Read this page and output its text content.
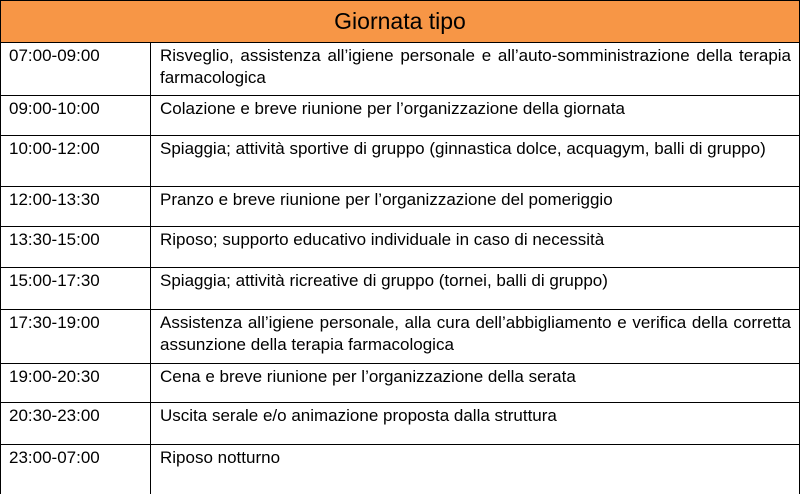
Giornata tipo	
07:00-09:00	Risveglio, assistenza all’igiene personale e all’auto-somministrazione della terapia farmacologica
09:00-10:00	Colazione e breve riunione per l’organizzazione della giornata
10:00-12:00	Spiaggia; attività sportive di gruppo (ginnastica dolce, acquagym, balli di gruppo)
12:00-13:30	Pranzo e breve riunione per l’organizzazione del pomeriggio
13:30-15:00	Riposo; supporto educativo individuale in caso di necessità
15:00-17:30	Spiaggia; attività ricreative di gruppo (tornei, balli di gruppo)
17:30-19:00	Assistenza all’igiene personale, alla cura dell’abbigliamento e verifica della corretta assunzione della terapia farmacologica
19:00-20:30	Cena e breve riunione per l’organizzazione della serata
20:30-23:00	Uscita serale e/o animazione proposta dalla struttura
23:00-07:00	Riposo notturno
